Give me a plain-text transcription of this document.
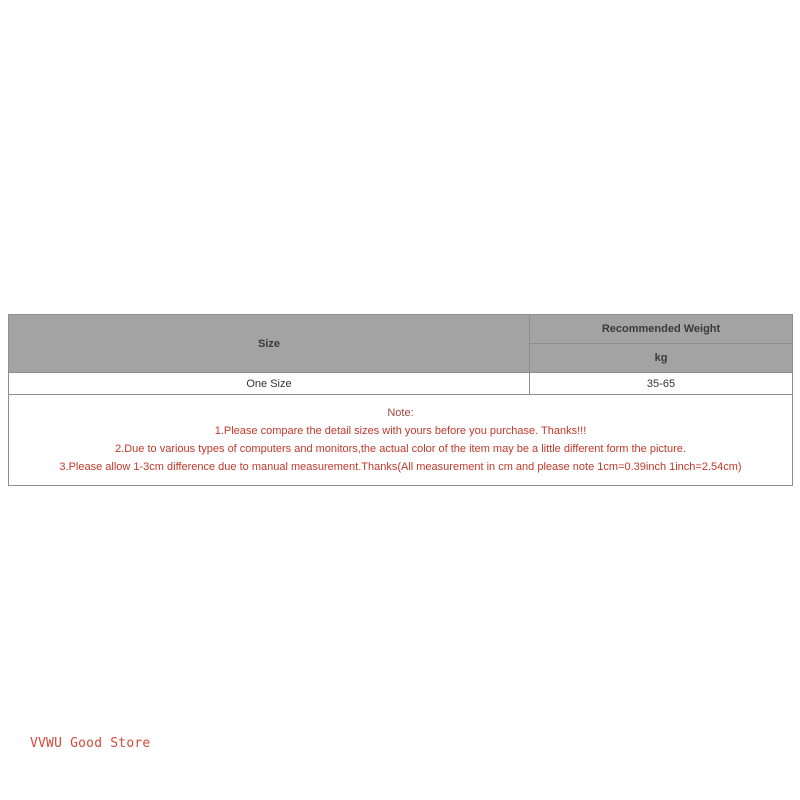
Size	Recommended Weight
	kg
One Size	35-65

Note:
1.Please compare the detail sizes with yours before you purchase. Thanks!!!
2.Due to various types of computers and monitors,the actual color of the item may be a little different form the picture.
3.Please allow 1-3cm difference due to manual measurement.Thanks(All measurement in cm and please note 1cm=0.39inch 1inch=2.54cm)	
VVWU Good Store
